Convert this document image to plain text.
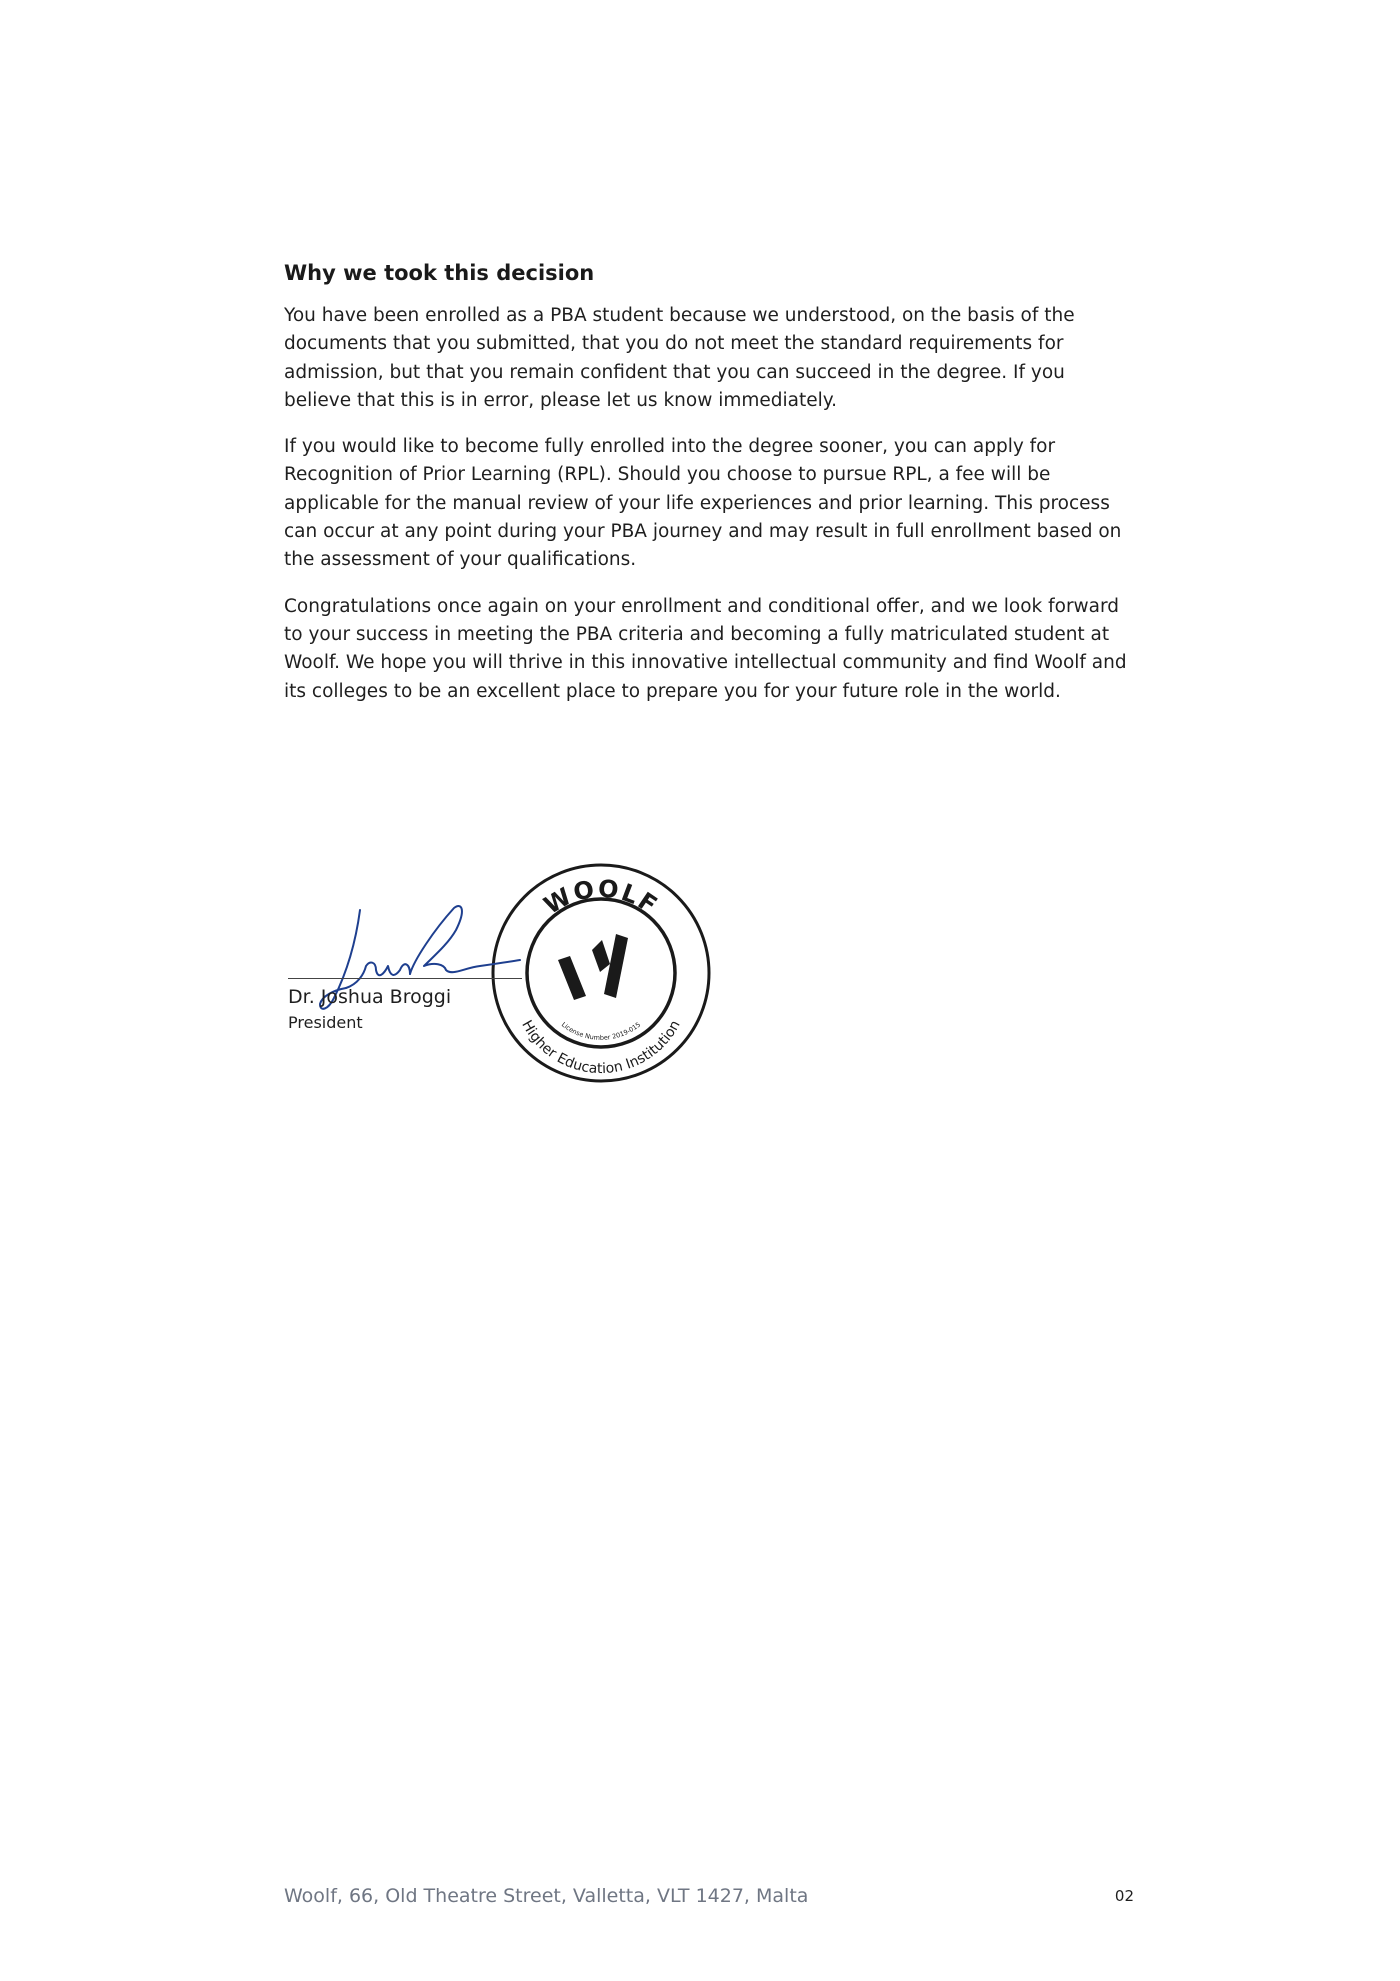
Why we took this decision

You have been enrolled as a PBA student because we understood, on the basis of the documents that you submitted, that you do not meet the standard requirements for admission, but that you remain confident that you can succeed in the degree. If you believe that this is in error, please let us know immediately.

If you would like to become fully enrolled into the degree sooner, you can apply for Recognition of Prior Learning (RPL). Should you choose to pursue RPL, a fee will be applicable for the manual review of your life experiences and prior learning. This process can occur at any point during your PBA journey and may result in full enrollment based on the assessment of your qualifications.

Congratulations once again on your enrollment and conditional offer, and we look forward to your success in meeting the PBA criteria and becoming a fully matriculated student at Woolf. We hope you will thrive in this innovative intellectual community and find Woolf and its colleges to be an excellent place to prepare you for your future role in the world.

WOOLF
Higher Education Institution
License Number 2019-015
Dr. Joshua Broggi
President
Woolf, 66, Old Theatre Street, Valletta, VLT 1427, Malta	02
